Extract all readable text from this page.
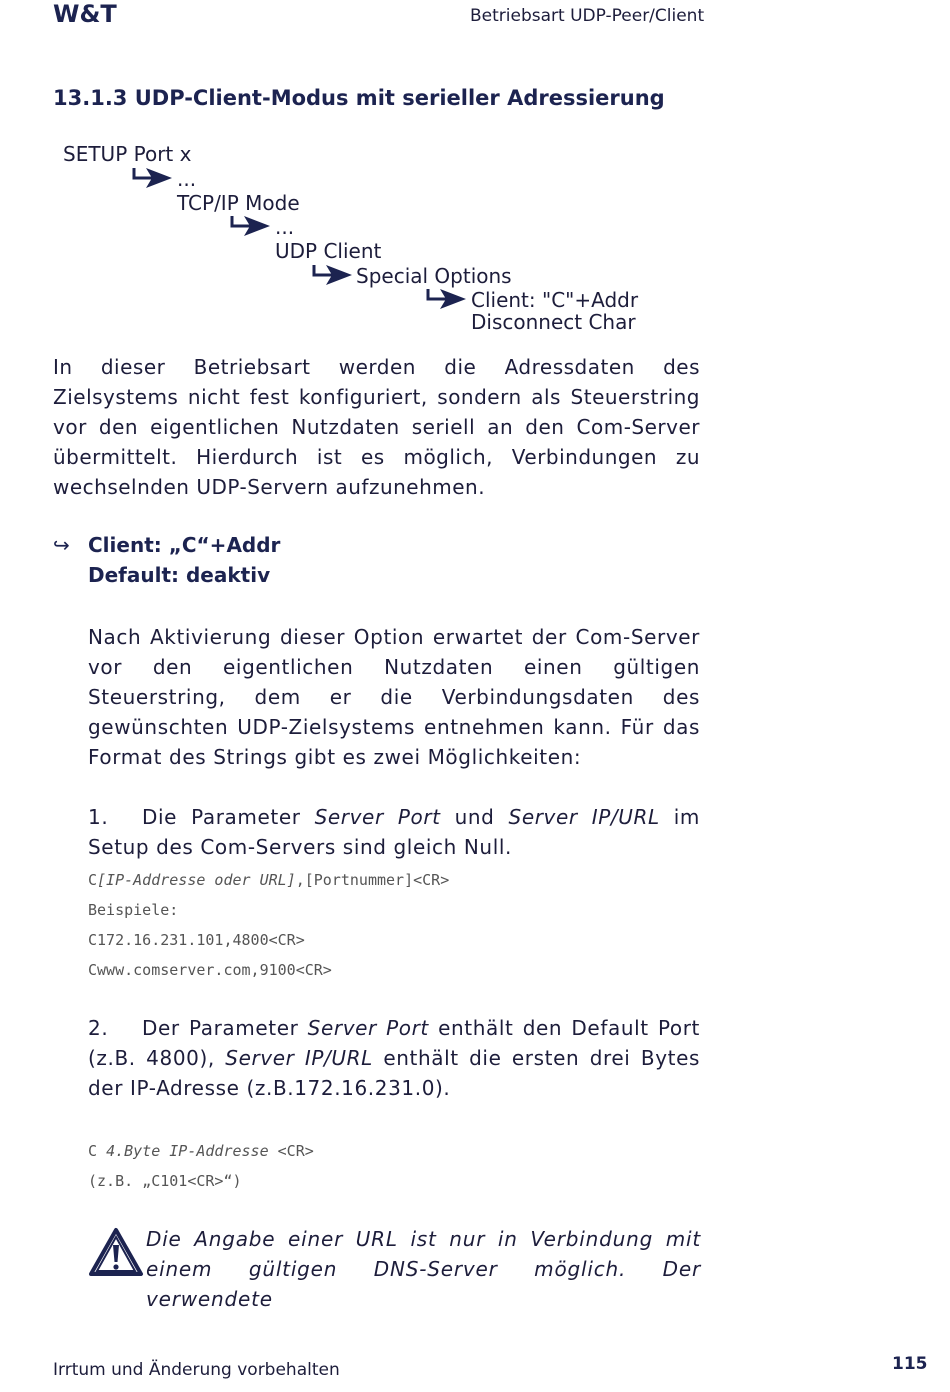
W&T	Betriebsart UDP-Peer/Client
13.1.3 UDP-Client-Modus mit serieller Adressierung
SETUP Port x
...
TCP/IP Mode
...
UDP Client
Special Options
Client: "C"+Addr
Disconnect Char
In dieser Betriebsart werden die Adressdaten des Zielsystems nicht fest konfiguriert, sondern als Steuerstring vor den eigentlichen Nutzdaten seriell an den Com-Server übermittelt. Hierdurch ist es möglich, Verbindungen zu wechselnden UDP-Servern aufzunehmen.
↪ Client: „C“+Addr
Default: deaktiv
Nach Aktivierung dieser Option erwartet der Com-Server vor den eigentlichen Nutzdaten einen gültigen Steuerstring, dem er die Verbindungsdaten des gewünschten UDP-Zielsystems entnehmen kann. Für das Format des Strings gibt es zwei Möglichkeiten:
1. Die Parameter Server Port und Server IP/URL im Setup des Com-Servers sind gleich Null.
C[IP-Addresse oder URL],[Portnummer]<CR>
Beispiele:
C172.16.231.101,4800<CR>
Cwww.comserver.com,9100<CR>
2. Der Parameter Server Port enthält den Default Port (z.B. 4800), Server IP/URL enthält die ersten drei Bytes der IP-Adresse (z.B.172.16.231.0).
C 4.Byte IP-Addresse <CR>
(z.B. „C101<CR>“)
Die Angabe einer URL ist nur in Verbindung mit einem gültigen DNS-Server möglich. Der verwendete
Irrtum und Änderung vorbehalten	115
